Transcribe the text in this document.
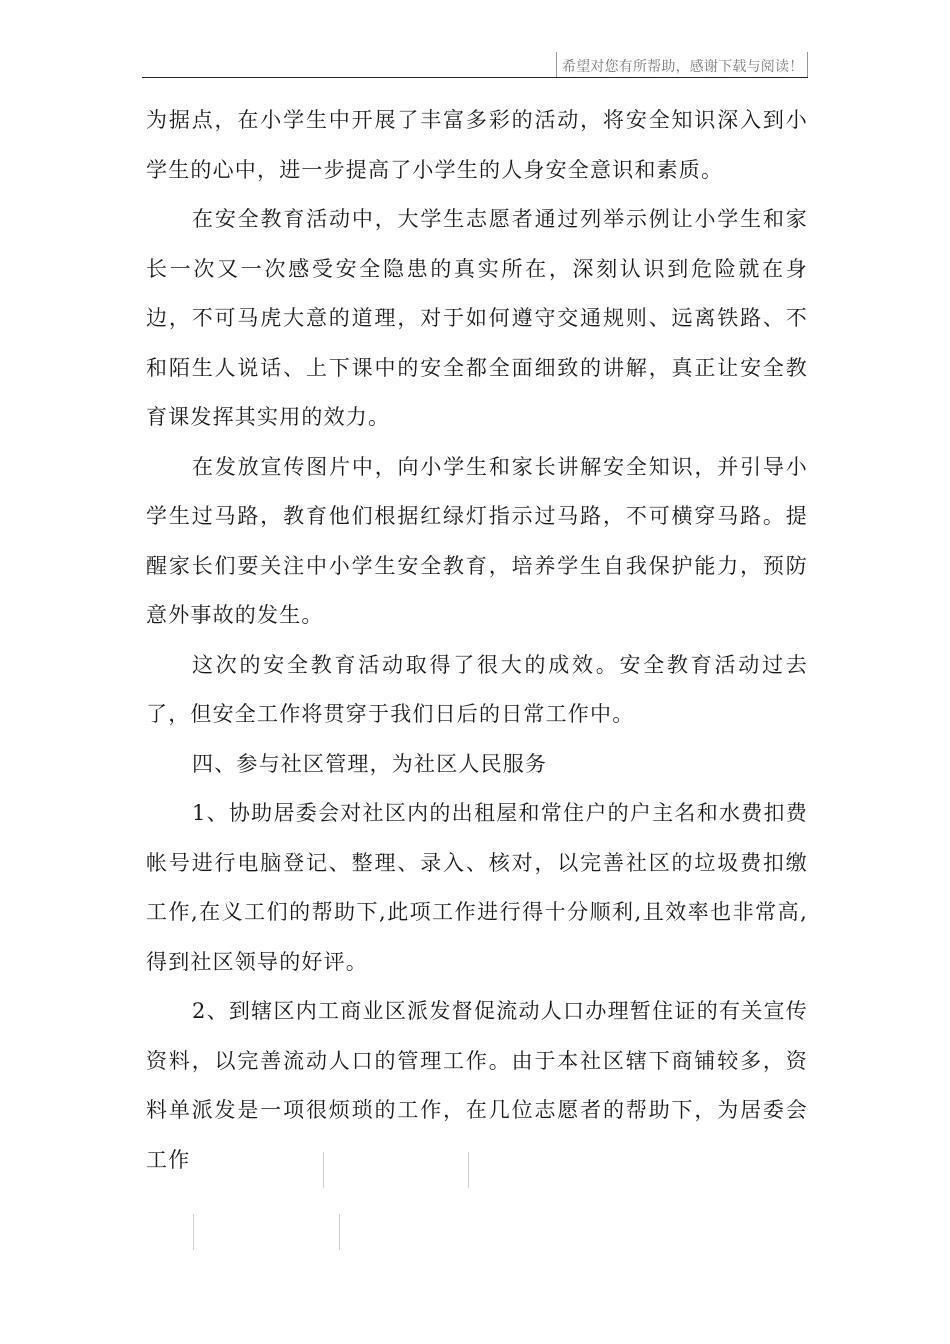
希望对您有所帮助，感谢下载与阅读！

为据点，在小学生中开展了丰富多彩的活动，将安全知识深入到小学生的心中，进一步提高了小学生的人身安全意识和素质。

在安全教育活动中，大学生志愿者通过列举示例让小学生和家长一次又一次感受安全隐患的真实所在，深刻认识到危险就在身边，不可马虎大意的道理，对于如何遵守交通规则、远离铁路、不和陌生人说话、上下课中的安全都全面细致的讲解，真正让安全教育课发挥其实用的效力。

在发放宣传图片中，向小学生和家长讲解安全知识，并引导小学生过马路，教育他们根据红绿灯指示过马路，不可横穿马路。提醒家长们要关注中小学生安全教育，培养学生自我保护能力，预防意外事故的发生。

这次的安全教育活动取得了很大的成效。安全教育活动过去了，但安全工作将贯穿于我们日后的日常工作中。

四、参与社区管理，为社区人民服务

1、协助居委会对社区内的出租屋和常住户的户主名和水费扣费帐号进行电脑登记、整理、录入、核对，以完善社区的垃圾费扣缴工作,在义工们的帮助下,此项工作进行得十分顺利,且效率也非常高,得到社区领导的好评。

2、到辖区内工商业区派发督促流动人口办理暂住证的有关宣传资料，以完善流动人口的管理工作。由于本社区辖下商铺较多，资料单派发是一项很烦琐的工作，在几位志愿者的帮助下，为居委会工作
